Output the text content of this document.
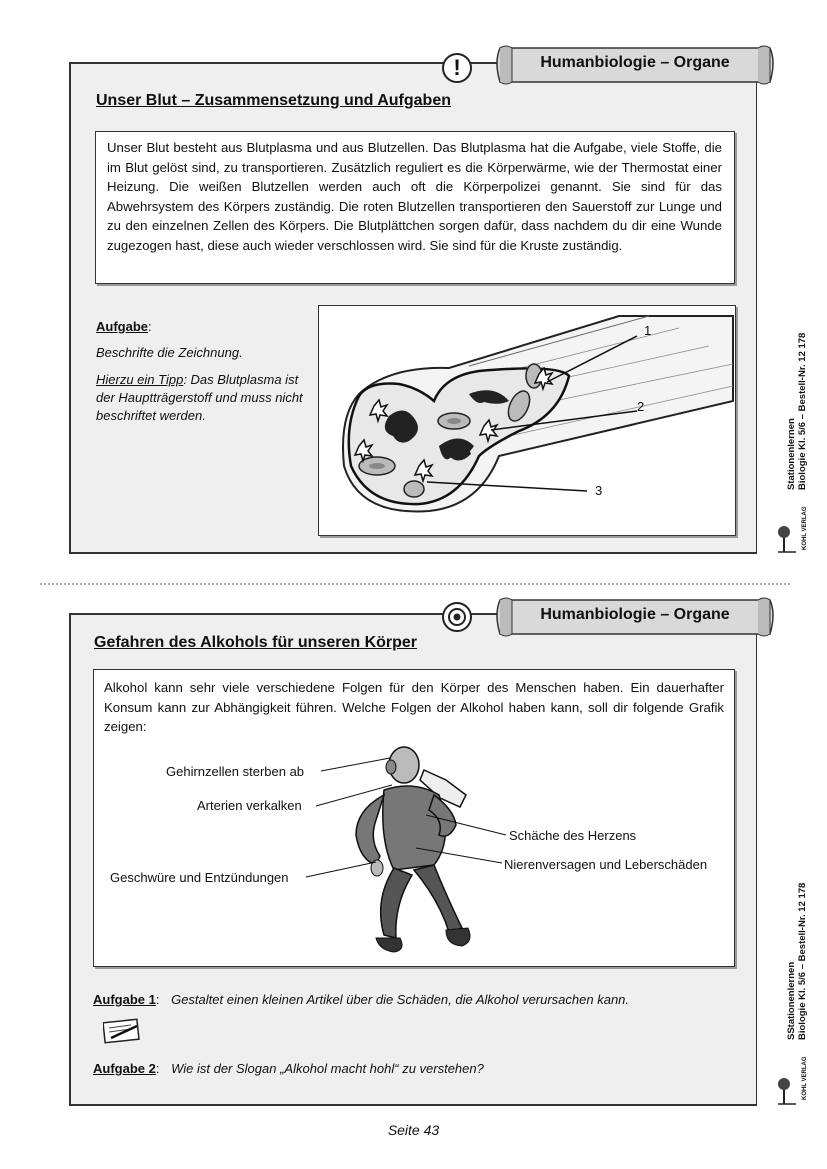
Humanbiologie – Organe
!
Unser Blut – Zusammensetzung und Aufgaben
Unser Blut besteht aus Blutplasma und aus Blutzellen. Das Blutplasma hat die Aufgabe, viele Stoffe, die im Blut gelöst sind, zu transportieren. Zusätzlich reguliert es die Körperwärme, wie der Thermostat einer Heizung. Die weißen Blutzellen werden auch oft die Körperpolizei genannt. Sie sind für das Abwehrsystem des Körpers zuständig. Die roten Blutzellen transportieren den Sauerstoff zur Lunge und zu den einzelnen Zellen des Körpers. Die Blutplättchen sorgen dafür, dass nachdem du dir eine Wunde zugezogen hast, diese auch wieder verschlossen wird. Sie sind für die Kruste zuständig.
Aufgabe:
Beschrifte die Zeichnung.
Hierzu ein Tipp: Das Blutplasma ist der Hauptträgerstoff und muss nicht beschriftet werden.
1
2
3
Stationenlernen Biologie Kl. 5/6 – Bestell-Nr. 12 178
KOHL VERLAG
Humanbiologie – Organe
Gefahren des Alkohols für unseren Körper
Alkohol kann sehr viele verschiedene Folgen für den Körper des Menschen haben. Ein dauerhafter Konsum kann zur Abhängigkeit führen. Welche Folgen der Alkohol haben kann, soll dir folgende Grafik zeigen:
Gehirnzellen sterben ab
Arterien verkalken
Geschwüre und Entzündungen
Schäche des Herzens
Nierenversagen und Leberschäden
Aufgabe 1: Gestaltet einen kleinen Artikel über die Schäden, die Alkohol verursachen kann.
Aufgabe 2: Wie ist der Slogan „Alkohol macht hohl“ zu verstehen?
SStationenlernen Biologie Kl. 5/6 – Bestell-Nr. 12 178
KOHL VERLAG
Seite 43
